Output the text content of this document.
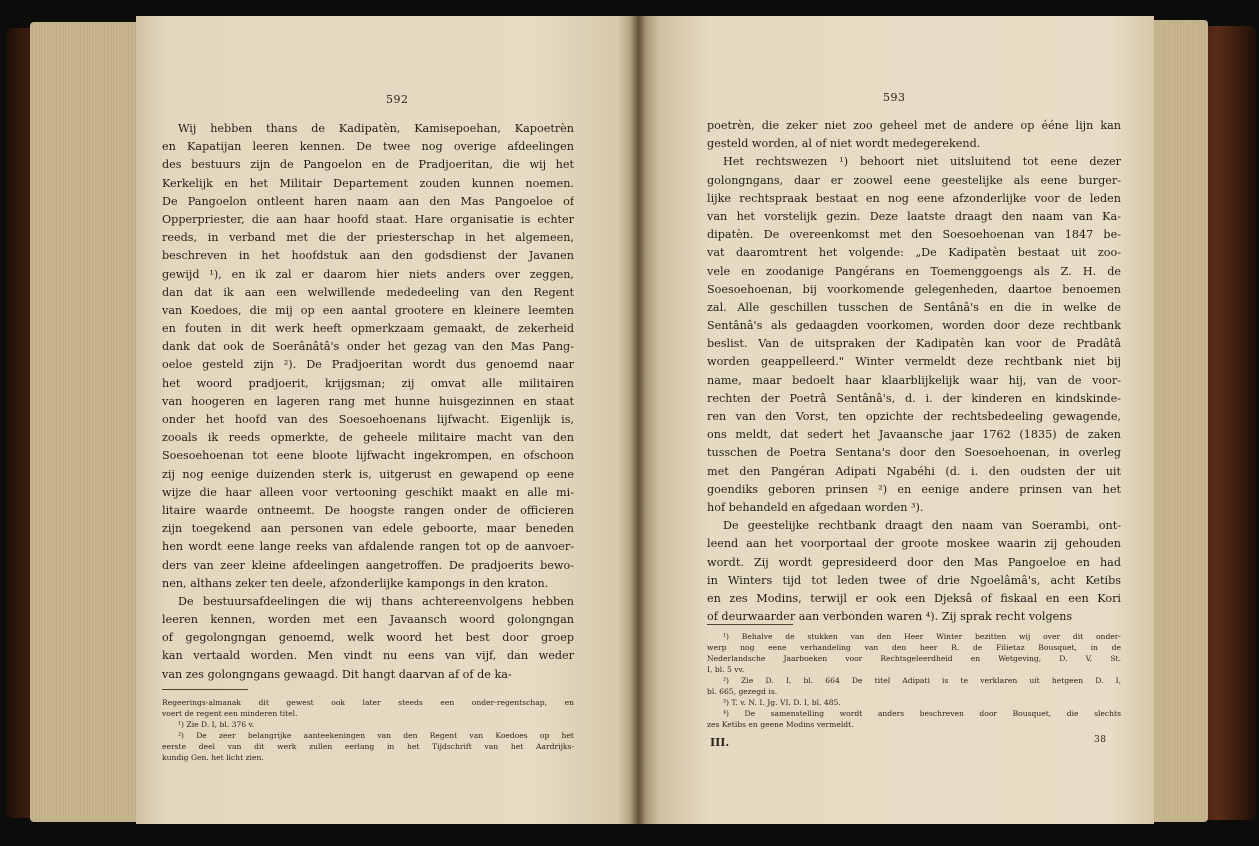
592	593
Wij hebben thans de Kadipatèn, Kamisepoehan, Kapoetrèn
en Kapatijan leeren kennen. De twee nog overige afdeelingen
des bestuurs zijn de Pangoelon en de Pradjoeritan, die wij het
Kerkelijk en het Militair Departement zouden kunnen noemen.
De Pangoelon ontleent haren naam aan den Mas Pangoeloe of
Opperpriester, die aan haar hoofd staat. Hare organisatie is echter
reeds, in verband met die der priesterschap in het algemeen,
beschreven in het hoofdstuk aan den godsdienst der Javanen
gewijd ¹), en ik zal er daarom hier niets anders over zeggen,
dan dat ik aan een welwillende mededeeling van den Regent
van Koedoes, die mij op een aantal grootere en kleinere leemten
en fouten in dit werk heeft opmerkzaam gemaakt, de zekerheid
dank dat ook de Soerânâtâ's onder het gezag van den Mas Pang-
oeloe gesteld zijn ²). De Pradjoeritan wordt dus genoemd naar
het woord pradjoerit, krijgsman; zij omvat alle militairen
van hoogeren en lageren rang met hunne huisgezinnen en staat
onder het hoofd van des Soesoehoenans lijfwacht. Eigenlijk is,
zooals ik reeds opmerkte, de geheele militaire macht van den
Soesoehoenan tot eene bloote lijfwacht ingekrompen, en ofschoon
zij nog eenige duizenden sterk is, uitgerust en gewapend op eene
wijze die haar alleen voor vertooning geschikt maakt en alle mi-
litaire waarde ontneemt. De hoogste rangen onder de officieren
zijn toegekend aan personen van edele geboorte, maar beneden
hen wordt eene lange reeks van afdalende rangen tot op de aanvoer-
ders van zeer kleine afdeelingen aangetroffen. De pradjoerits bewo-
nen, althans zeker ten deele, afzonderlijke kampongs in den kraton.
De bestuursafdeelingen die wij thans achtereenvolgens hebben
leeren kennen, worden met een Javaansch woord golongngan
of gegolongngan genoemd, welk woord het best door groep
kan vertaald worden. Men vindt nu eens van vijf, dan weder
van zes golongngans gewaagd. Dit hangt daarvan af of de ka-
Regeerings-almanak dit gewest ook later steeds een onder-regentschap, en
voert de regent een minderen titel.
¹) Zie D. I, bl. 376 v.
²) De zeer belangrijke aanteekeningen van den Regent van Koedoes op het
eerste deel van dit werk zullen eerlang in het Tijdschrift van het Aardrijks-
kundig Gen. het licht zien.
poetrèn, die zeker niet zoo geheel met de andere op ééne lijn kan
gesteld worden, al of niet wordt medegerekend.
Het rechtswezen ¹) behoort niet uitsluitend tot eene dezer
golongngans, daar er zoowel eene geestelijke als eene burger-
lijke rechtspraak bestaat en nog eene afzonderlijke voor de leden
van het vorstelijk gezin. Deze laatste draagt den naam van Ka-
dipatèn. De overeenkomst met den Soesoehoenan van 1847 be-
vat daaromtrent het volgende: „De Kadipatèn bestaat uit zoo-
vele en zoodanige Pangérans en Toemenggoengs als Z. H. de
Soesoehoenan, bij voorkomende gelegenheden, daartoe benoemen
zal. Alle geschillen tusschen de Sentânâ's en die in welke de
Sentânâ's als gedaagden voorkomen, worden door deze rechtbank
beslist. Van de uitspraken der Kadipatèn kan voor de Pradâtâ
worden geappelleerd." Winter vermeldt deze rechtbank niet bij
name, maar bedoelt haar klaarblijkelijk waar hij, van de voor-
rechten der Poetrâ Sentânâ's, d. i. der kinderen en kindskinde-
ren van den Vorst, ten opzichte der rechtsbedeeling gewagende,
ons meldt, dat sedert het Javaansche jaar 1762 (1835) de zaken
tusschen de Poetra Sentana's door den Soesoehoenan, in overleg
met den Pangéran Adipati Ngabéhi (d. i. den oudsten der uit
goendiks geboren prinsen ²) en eenige andere prinsen van het
hof behandeld en afgedaan worden ³).
De geestelijke rechtbank draagt den naam van Soerambi, ont-
leend aan het voorportaal der groote moskee waarin zij gehouden
wordt. Zij wordt gepresideerd door den Mas Pangoeloe en had
in Winters tijd tot leden twee of drie Ngoelâmâ's, acht Ketibs
en zes Modins, terwijl er ook een Djeksâ of fiskaal en een Kori
of deurwaarder aan verbonden waren ⁴). Zij sprak recht volgens
¹) Behalve de stukken van den Heer Winter bezitten wij over dit onder-
werp nog eene verhandeling van den heer R. de Filietaz Bousquet, in de
Nederlandsche Jaarboeken voor Rechtsgeleerdheid en Wetgeving, D. V, St.
I, bl. 5 vv.
²) Zie D. I, bl. 664 De titel Adipati is te verklaren uit hetgeen D. I,
bl. 665, gezegd is.
³) T. v. N. I. Jg. VI, D. I, bl. 485.
⁴) De samenstelling wordt anders beschreven door Bousquet, die slechts
zes Ketibs en geene Modins vermeldt.
III.	38
